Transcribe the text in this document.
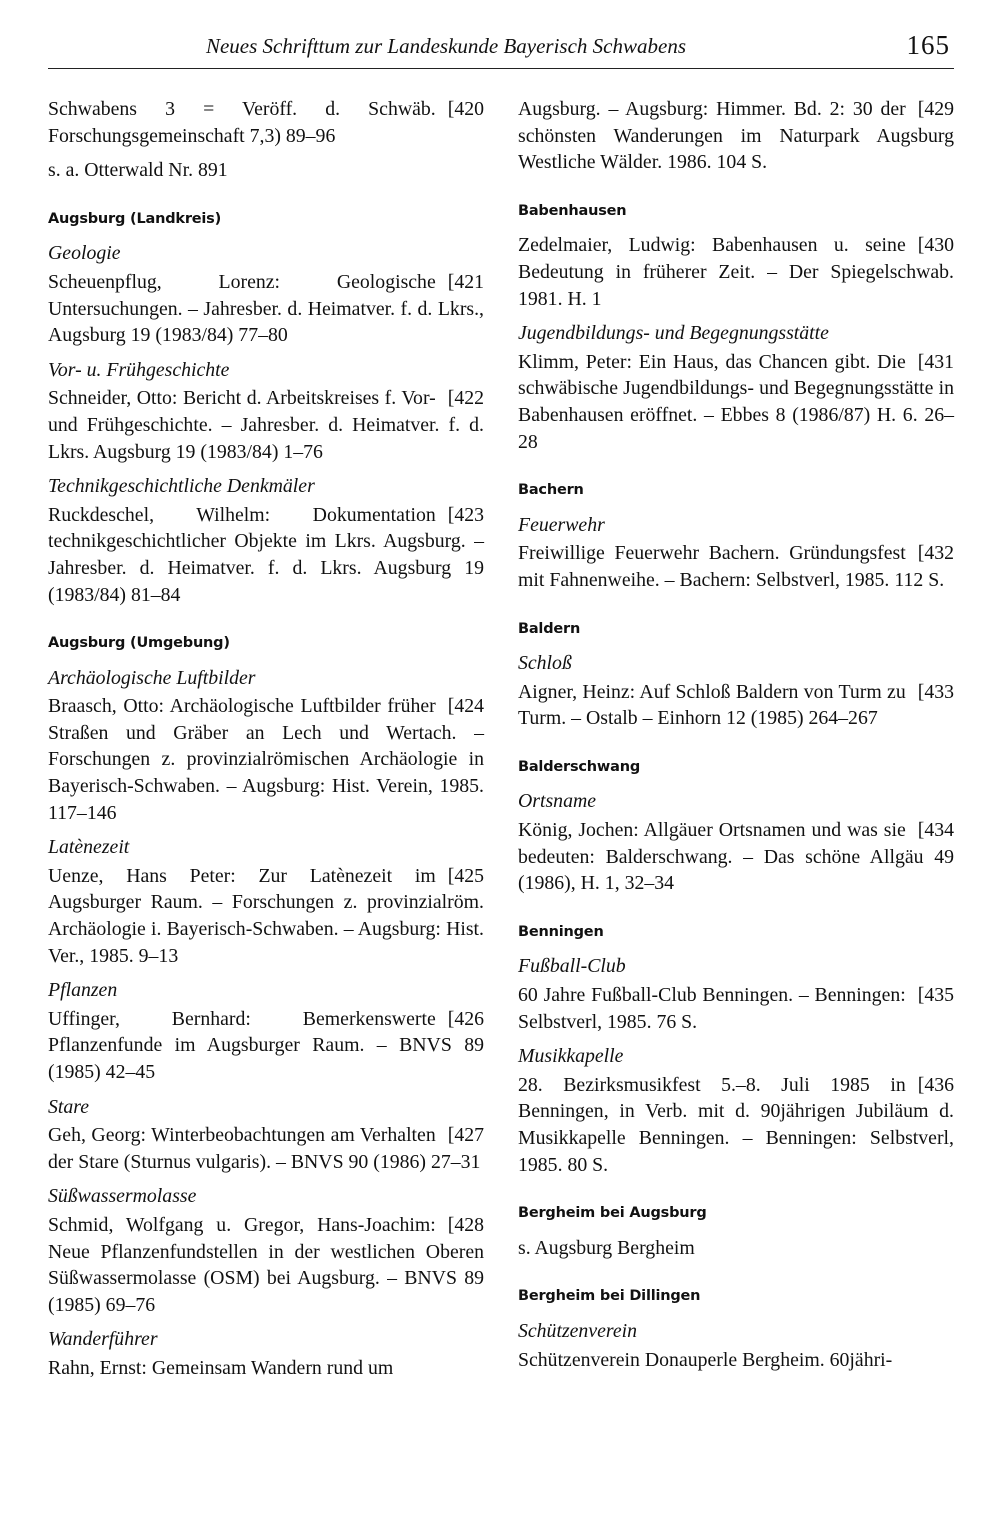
Neues Schrifttum zur Landeskunde Bayerisch Schwabens	165
[420
Schwabens 3 = Veröff. d. Schwäb. Forschungsgemeinschaft 7,3) 89–96
s. a. Otterwald Nr. 891
Augsburg (Landkreis)
Geologie
[421
Scheuenpflug, Lorenz: Geologische Untersuchungen. – Jahresber. d. Heimatver. f. d. Lkrs., Augsburg 19 (1983/84) 77–80
Vor- u. Frühgeschichte
[422
Schneider, Otto: Bericht d. Arbeitskreises f. Vor- und Frühgeschichte. – Jahresber. d. Heimatver. f. d. Lkrs. Augsburg 19 (1983/84) 1–76
Technikgeschichtliche Denkmäler
[423
Ruckdeschel, Wilhelm: Dokumentation technikgeschichtlicher Objekte im Lkrs. Augsburg. – Jahresber. d. Heimatver. f. d. Lkrs. Augsburg 19 (1983/84) 81–84
Augsburg (Umgebung)
Archäologische Luftbilder
[424
Braasch, Otto: Archäologische Luftbilder früher Straßen und Gräber an Lech und Wertach. – Forschungen z. provinzialrömischen Archäologie in Bayerisch-Schwaben. – Augsburg: Hist. Verein, 1985. 117–146
Latènezeit
[425
Uenze, Hans Peter: Zur Latènezeit im Augsburger Raum. – Forschungen z. provinzialröm. Archäologie i. Bayerisch-Schwaben. – Augsburg: Hist. Ver., 1985. 9–13
Pflanzen
[426
Uffinger, Bernhard: Bemerkenswerte Pflanzenfunde im Augsburger Raum. – BNVS 89 (1985) 42–45
Stare
[427
Geh, Georg: Winterbeobachtungen am Verhalten der Stare (Sturnus vulgaris). – BNVS 90 (1986) 27–31
Süßwassermolasse
[428
Schmid, Wolfgang u. Gregor, Hans-Joachim: Neue Pflanzenfundstellen in der westlichen Oberen Süßwassermolasse (OSM) bei Augsburg. – BNVS 89 (1985) 69–76
Wanderführer
Rahn, Ernst: Gemeinsam Wandern rund um
[429
Augsburg. – Augsburg: Himmer. Bd. 2: 30 der schönsten Wanderungen im Naturpark Augsburg Westliche Wälder. 1986. 104 S.
Babenhausen
[430
Zedelmaier, Ludwig: Babenhausen u. seine Bedeutung in früherer Zeit. – Der Spiegelschwab. 1981. H. 1
Jugendbildungs- und Begegnungsstätte
[431
Klimm, Peter: Ein Haus, das Chancen gibt. Die schwäbische Jugendbildungs- und Begegnungsstätte in Babenhausen eröffnet. – Ebbes 8 (1986/87) H. 6. 26–28
Bachern
Feuerwehr
[432
Freiwillige Feuerwehr Bachern. Gründungsfest mit Fahnenweihe. – Bachern: Selbstverl, 1985. 112 S.
Baldern
Schloß
[433
Aigner, Heinz: Auf Schloß Baldern von Turm zu Turm. – Ostalb – Einhorn 12 (1985) 264–267
Balderschwang
Ortsname
[434
König, Jochen: Allgäuer Ortsnamen und was sie bedeuten: Balderschwang. – Das schöne Allgäu 49 (1986), H. 1, 32–34
Benningen
Fußball-Club
[435
60 Jahre Fußball-Club Benningen. – Benningen: Selbstverl, 1985. 76 S.
Musikkapelle
[436
28. Bezirksmusikfest 5.–8. Juli 1985 in Benningen, in Verb. mit d. 90jährigen Jubiläum d. Musikkapelle Benningen. – Benningen: Selbstverl, 1985. 80 S.
Bergheim bei Augsburg
s. Augsburg Bergheim
Bergheim bei Dillingen
Schützenverein
Schützenverein Donauperle Bergheim. 60jähri-
